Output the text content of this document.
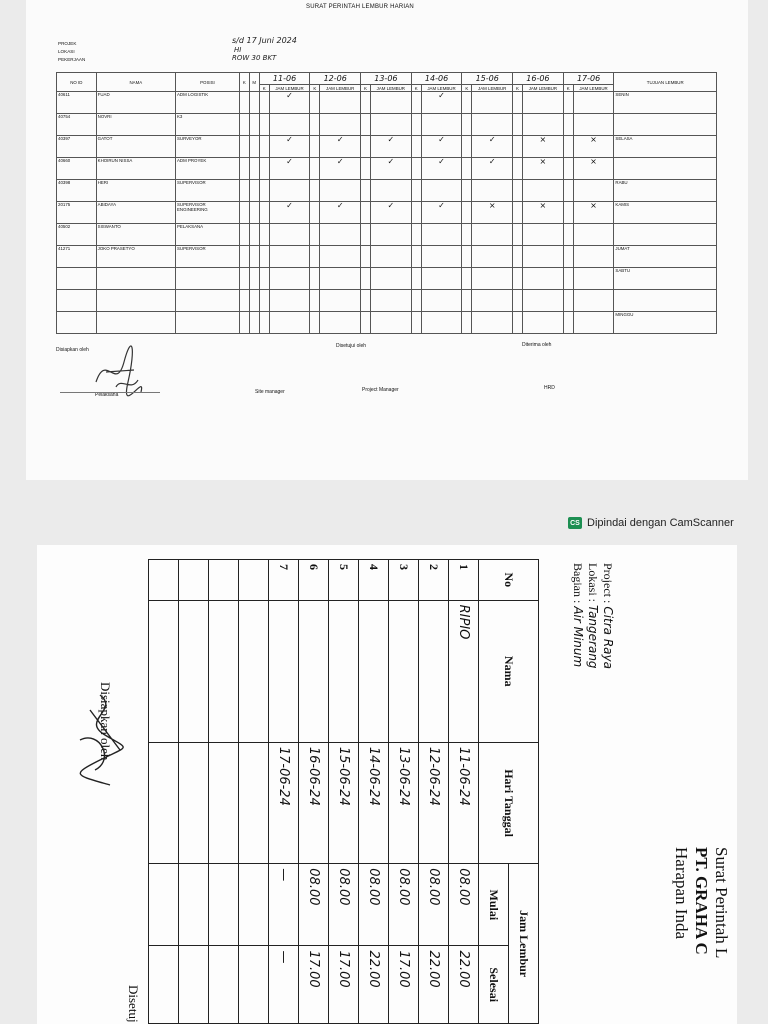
SURAT PERINTAH LEMBUR HARIAN
PROJEK
LOKASI
PEKERJAAN
s/d 17 Juni 2024
HI
ROW 30 BKT
NO ID	NAMA	POSISI	K	M	11-06		12-06		13-06		14-06		15-06		16-06		17-06		TUJUAN LEMBUR
					K	JAM LEMBUR	K	JAM LEMBUR	K	JAM LEMBUR	K	JAM LEMBUR	K	JAM LEMBUR	K	JAM LEMBUR	K	JAM LEMBUR	
40611	FUAD	ADM LOGISTIK				✓						✓							SENIN
40754	NOVRI	K3																	

40397	GATOT	SURVEYOR				✓		✓		✓		✓		✓		×		×	SELASA
40660	KHOIRUN NISSA	ADM PROYEK				✓		✓		✓		✓		✓		×		×	
40398	HERI	SUPERVISOR																	RABU
20175	ABIDAYA	SUPERVISOR
ENGINEERING				✓		✓		✓		✓		×		×		×	KAMIS
40502	SISWANTO	PELAKSANA																	

41271	JOKO PRASETYO	SUPERVISOR																	JUMAT
																			SABTU

																			MINGGU
Disiapkan oleh
Disetujui oleh	Diterima oleh
Pelaksana	Site manager	Project Manager	HRD
CS Dipindai dengan CamScanner
Surat Perintah L
PT. GRAHA C
Harapan Inda
Project : Citra Raya
Lokasi : Tangerang
Bagian : Air Minum
No	Nama	Hari Tanggal	Jam Lembur	
			Mulai	Selesai
1	RIPIO	11-06-24	08.00	22.00
2		12-06-24	08.00	22.00
3		13-06-24	08.00	17.00
4		14-06-24	08.00	22.00
5		15-06-24	08.00	17.00
6		16-06-24	08.00	17.00
7		17-06-24	—	—

Disiapkan oleh
Disetuj
